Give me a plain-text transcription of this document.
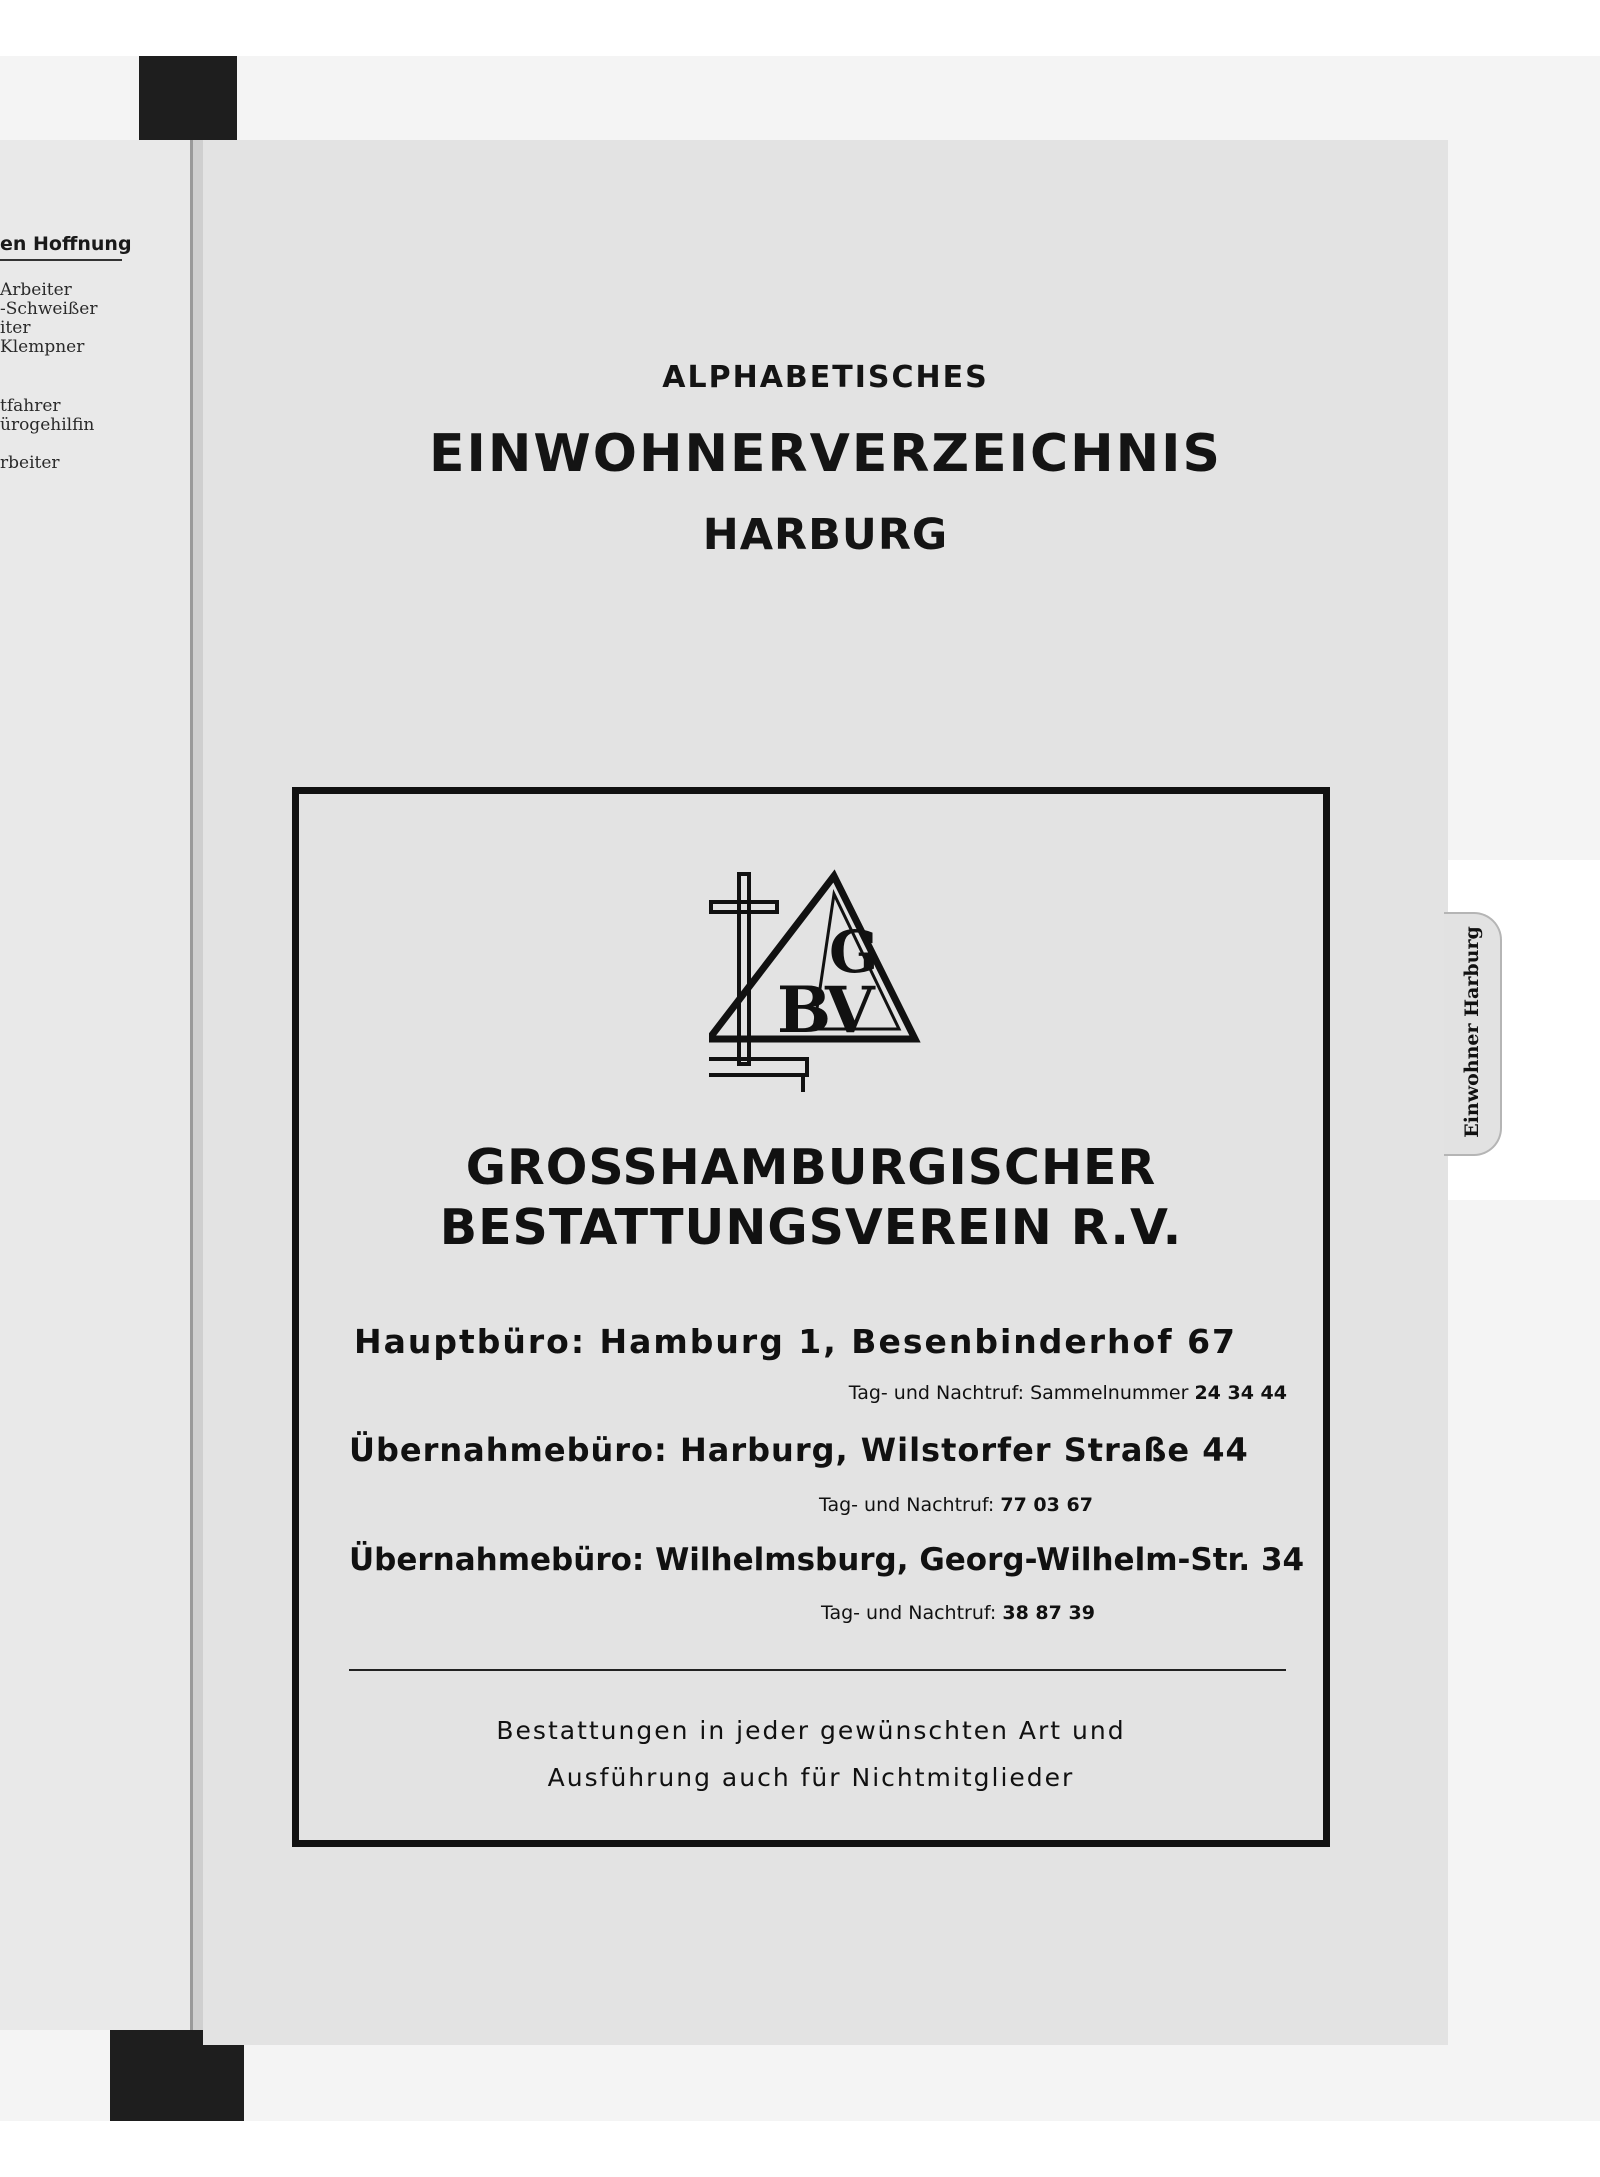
en Hoffnung
Arbeiter
-Schweißer
iter
Klempner
tfahrer
ürogehilfin
rbeiter
ALPHABETISCHES
EINWOHNERVERZEICHNIS
HARBURG
Einwohner Harburg
G
B
V
GROSSHAMBURGISCHER
BESTATTUNGSVEREIN R.V.
Hauptbüro: Hamburg 1, Besenbinderhof 67
Tag- und Nachtruf: Sammelnummer 24 34 44
Übernahmebüro: Harburg, Wilstorfer Straße 44
Tag- und Nachtruf: 77 03 67
Übernahmebüro: Wilhelmsburg, Georg-Wilhelm-Str. 34
Tag- und Nachtruf: 38 87 39
Bestattungen in jeder gewünschten Art und
Ausführung auch für Nichtmitglieder
